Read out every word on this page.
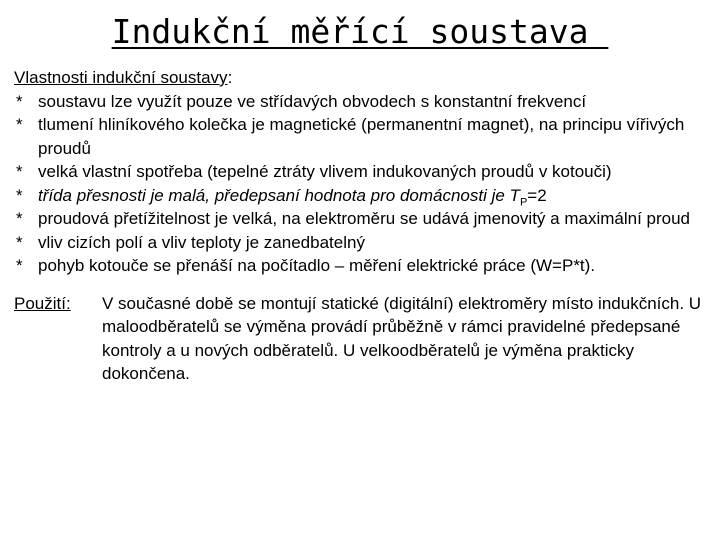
Indukční měřící soustava

Vlastnosti indukční soustavy:

* soustavu lze využít pouze ve střídavých obvodech s konstantní frekvencí
* tlumení hliníkového kolečka je magnetické (permanentní magnet), na principu vířivých proudů
* velká vlastní spotřeba (tepelné ztráty vlivem indukovaných proudů v kotouči)
* třída přesnosti je malá, předepsaní hodnota pro domácnosti je $T_P=2$
* proudová přetížitelnost je velká, na elektroměru se udává jmenovitý a maximální proud
* vliv cizích polí a vliv teploty je zanedbatelný
* pohyb kotouče se přenáší na počítadlo – měření elektrické práce (W=P*t).
Použití:	V současné době se montují statické (digitální) elektroměry místo indukčních. U maloodběratelů se výměna provádí průběžně v rámci pravidelné předepsané kontroly a u nových odběratelů. U velkoodběratelů je výměna prakticky dokončena.
